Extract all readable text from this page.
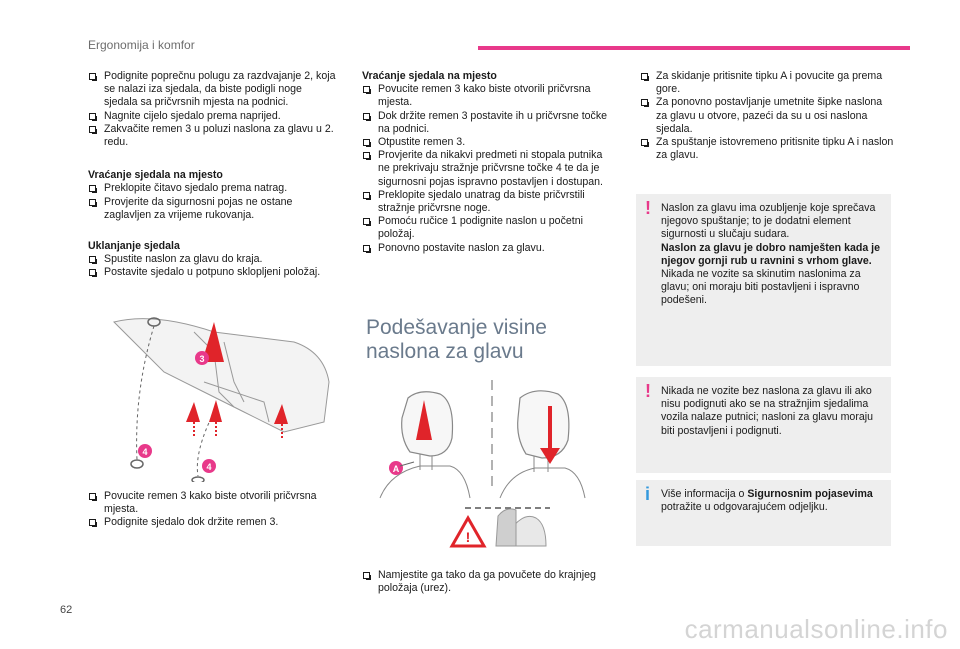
Ergonomija i komfor
Podignite poprečnu polugu za razdvajanje 2, koja se nalazi iza sjedala, da biste podigli noge sjedala sa pričvrsnih mjesta na podnici.
Nagnite cijelo sjedalo prema naprijed.
Zakvačite remen 3 u poluzi naslona za glavu u 2. redu.
Vraćanje sjedala na mjesto
Preklopite čitavo sjedalo prema natrag.
Provjerite da sigurnosni pojas ne ostane zaglavljen za vrijeme rukovanja.
Uklanjanje sjedala
Spustite naslon za glavu do kraja.
Postavite sjedalo u potpuno sklopljeni položaj.
3
4
4
Povucite remen 3 kako biste otvorili pričvrsna mjesta.
Podignite sjedalo dok držite remen 3.
Vraćanje sjedala na mjesto
Povucite remen 3 kako biste otvorili pričvrsna mjesta.
Dok držite remen 3 postavite ih u pričvrsne točke na podnici.
Otpustite remen 3.
Provjerite da nikakvi predmeti ni stopala putnika ne prekrivaju stražnje pričvrsne točke 4 te da je sigurnosni pojas ispravno postavljen i dostupan.
Preklopite sjedalo unatrag da biste pričvrstili stražnje pričvrsne noge.
Pomoću ručice 1 podignite naslon u početni položaj.
Ponovno postavite naslon za glavu.
Podešavanje visine
naslona za glavu
A
!
Namjestite ga tako da ga povučete do krajnjeg položaja (urez).
Za skidanje pritisnite tipku A i povucite ga prema gore.
Za ponovno postavljanje umetnite šipke naslona za glavu u otvore, pazeći da su u osi naslona sjedala.
Za spuštanje istovremeno pritisnite tipku A i naslon za glavu.
! Naslon za glavu ima ozubljenje koje sprečava njegovo spuštanje; to je dodatni element sigurnosti u slučaju sudara.
Naslon za glavu je dobro namješten kada je njegov gornji rub u ravnini s vrhom glave.
Nikada ne vozite sa skinutim naslonima za glavu; oni moraju biti postavljeni i ispravno podešeni.
! Nikada ne vozite bez naslona za glavu ili ako nisu podignuti ako se na stražnjim sjedalima vozila nalaze putnici; nasloni za glavu moraju biti postavljeni i podignuti.
i Više informacija o Sigurnosnim pojasevima potražite u odgovarajućem odjeljku.
62
carmanualsonline.info
